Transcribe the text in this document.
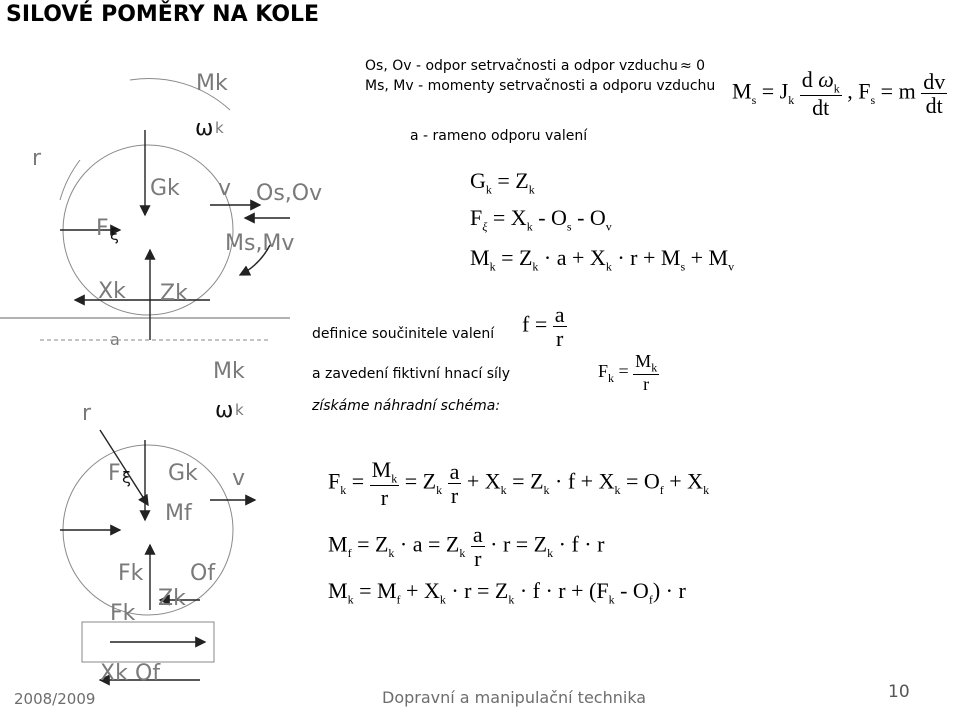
SILOVÉ POMĚRY NA KOLE
Mk
ω k
r
Gk v Os,Ov
Ms,Mv
F ξ
Xk Zk
a
Mk
ω k
r
F ξ Gk v
Mf
Fk Of
Zk
Fk
Xk Of
Os, Ov - odpor setrvačnosti a odpor vzduchu ≈ 0
Ms, Mv - momenty setrvačnosti a odporu vzduchu
a - rameno odporu valení
definice součinitele valení
a zavedení fiktivní hnací síly
získáme náhradní schéma:
$M_s = J_k \frac{d \omega_k}{dt}$ , $F_s = m \frac{dv}{dt}$
$G_k = Z_k$
$F_\xi = X_k - O_s - O_v$
$M_k = Z_k \cdot a + X_k \cdot r + M_s + M_v$
$f = \frac{a}{r}$
$F_k = \frac{M_k}{r}$
$F_k = \frac{M_k}{r} = Z_k \frac{a}{r} + X_k = Z_k \cdot f + X_k = O_f + X_k$
$M_f = Z_k \cdot a = Z_k \frac{a}{r} \cdot r = Z_k \cdot f \cdot r$
$M_k = M_f + X_k \cdot r = Z_k \cdot f \cdot r + (F_k - O_f) \cdot r$
2008/2009	Dopravní a manipulační technika	10
